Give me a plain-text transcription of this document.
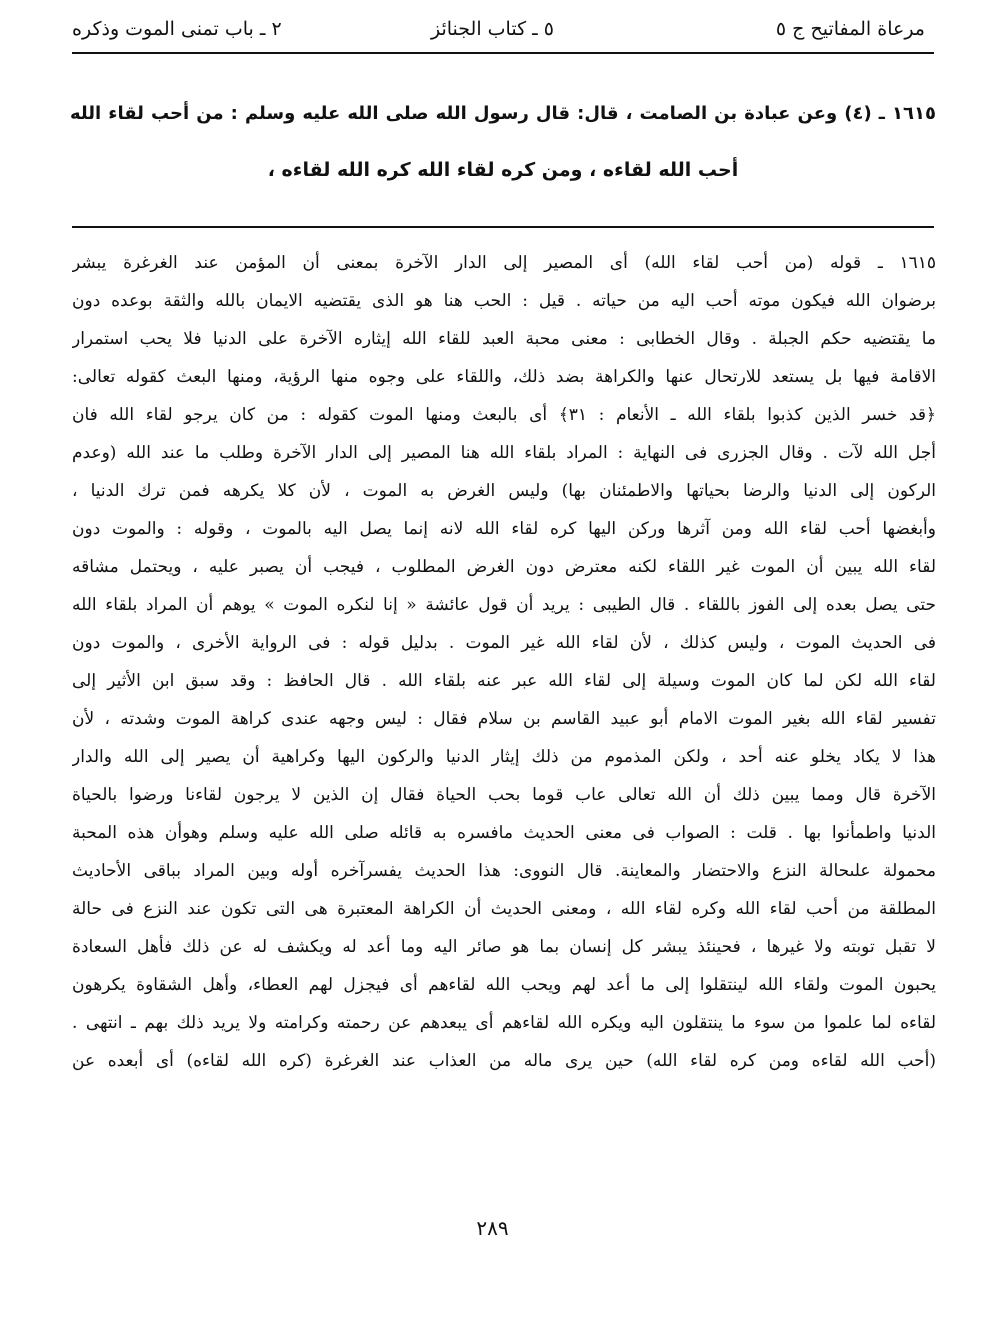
مرعاة المفاتيح ج ٥
٥ ـ كتاب الجنائز
٢ ـ باب تمنى الموت وذكره
١٦١٥ ـ (٤) وعن عبادة بن الصامت ، قال: قال رسول الله صلى الله عليه وسلم : من أحب لقاء الله
أحب الله لقاءه ، ومن كره لقاء الله كره الله لقاءه ،
١٦١٥ ـ قوله (من أحب لقاء الله) أى المصير إلى الدار الآخرة بمعنى أن المؤمن عند الغرغرة يبشر
برضوان الله فيكون موته أحب اليه من حياته . قيل : الحب هنا هو الذى يقتضيه الايمان بالله والثقة بوعده دون
ما يقتضيه حكم الجبلة . وقال الخطابى : معنى محبة العبد للقاء الله إيثاره الآخرة على الدنيا فلا يحب استمرار
الاقامة فيها بل يستعد للارتحال عنها والكراهة بضد ذلك، واللقاء على وجوه منها الرؤية، ومنها البعث كقوله تعالى:
﴿قد خسر الذين كذبوا بلقاء الله ـ الأنعام : ٣١﴾ أى بالبعث ومنها الموت كقوله : من كان يرجو لقاء الله فان
أجل الله لآت . وقال الجزرى فى النهاية : المراد بلقاء الله هنا المصير إلى الدار الآخرة وطلب ما عند الله (وعدم
الركون إلى الدنيا والرضا بحياتها والاطمئنان بها) وليس الغرض به الموت ، لأن كلا يكرهه فمن ترك الدنيا ،
وأبغضها أحب لقاء الله ومن آثرها وركن اليها كره لقاء الله لانه إنما يصل اليه بالموت ، وقوله : والموت دون
لقاء الله يبين أن الموت غير اللقاء لكنه معترض دون الغرض المطلوب ، فيجب أن يصبر عليه ، ويحتمل مشاقه
حتى يصل بعده إلى الفوز باللقاء . قال الطيبى : يريد أن قول عائشة « إنا لنكره الموت » يوهم أن المراد بلقاء الله
فى الحديث الموت ، وليس كذلك ، لأن لقاء الله غير الموت . بدليل قوله : فى الرواية الأخرى ، والموت دون
لقاء الله لكن لما كان الموت وسيلة إلى لقاء الله عبر عنه بلقاء الله . قال الحافظ : وقد سبق ابن الأثير إلى
تفسير لقاء الله بغير الموت الامام أبو عبيد القاسم بن سلام فقال : ليس وجهه عندى كراهة الموت وشدته ، لأن
هذا لا يكاد يخلو عنه أحد ، ولكن المذموم من ذلك إيثار الدنيا والركون اليها وكراهية أن يصير إلى الله والدار
الآخرة قال ومما يبين ذلك أن الله تعالى عاب قوما بحب الحياة فقال إن الذين لا يرجون لقاءنا ورضوا بالحياة
الدنيا واطمأنوا بها . قلت : الصواب فى معنى الحديث مافسره به قائله صلى الله عليه وسلم وهوأن هذه المحبة
محمولة علىحالة النزع والاحتضار والمعاينة. قال النووى: هذا الحديث يفسرآخره أوله وبين المراد بباقى الأحاديث
المطلقة من أحب لقاء الله وكره لقاء الله ، ومعنى الحديث أن الكراهة المعتبرة هى التى تكون عند النزع فى حالة
لا تقبل توبته ولا غيرها ، فحينئذ يبشر كل إنسان بما هو صائر اليه وما أعد له ويكشف له عن ذلك فأهل السعادة
يحبون الموت ولقاء الله لينتقلوا إلى ما أعد لهم ويحب الله لقاءهم أى فيجزل لهم العطاء، وأهل الشقاوة يكرهون
لقاءه لما علموا من سوء ما ينتقلون اليه ويكره الله لقاءهم أى يبعدهم عن رحمته وكرامته ولا يريد ذلك بهم ـ انتهى .
(أحب الله لقاءه ومن كره لقاء الله) حين يرى ماله من العذاب عند الغرغرة (كره الله لقاءه) أى أبعده عن
٢٨٩
